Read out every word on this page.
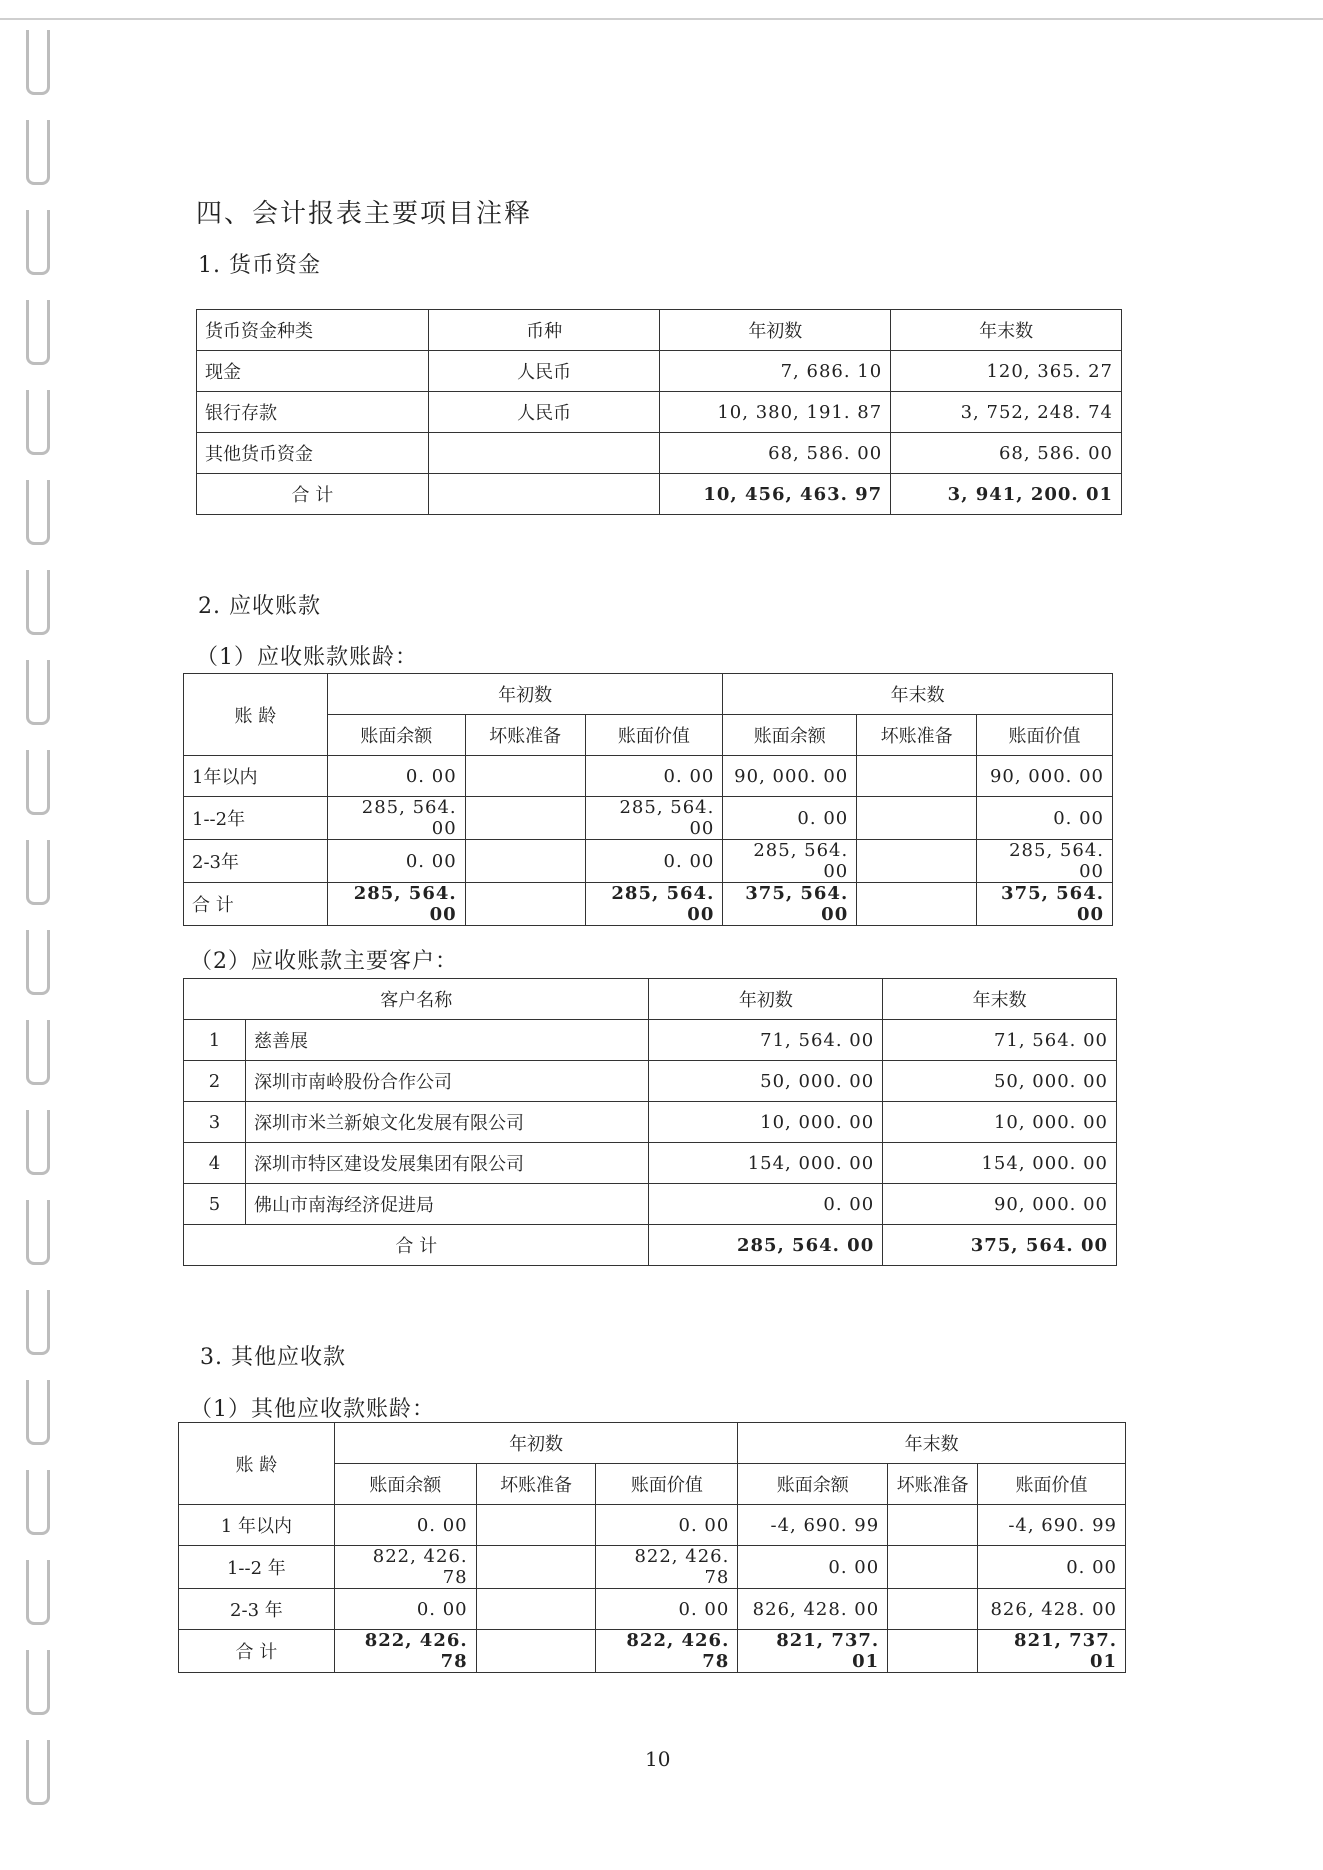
四、会计报表主要项目注释
1. 货币资金
货币资金种类	币种	年初数	年末数
现金	人民币	7, 686. 10	120, 365. 27
银行存款	人民币	10, 380, 191. 87	3, 752, 248. 74
其他货币资金		68, 586. 00	68, 586. 00
合 计		10, 456, 463. 97	3, 941, 200. 01
2. 应收账款
（1）应收账款账龄：
账 龄	年初数			年末数		
	账面余额	坏账准备	账面价值	账面余额	坏账准备	账面价值
1年以内	0. 00		0. 00	90, 000. 00		90, 000. 00
1--2年	285, 564. 00		285, 564. 00	0. 00		0. 00
2-3年	0. 00		0. 00	285, 564. 00		285, 564. 00
合 计	285, 564. 00		285, 564. 00	375, 564. 00		375, 564. 00
（2）应收账款主要客户：
客户名称		年初数	年末数
1	慈善展	71, 564. 00	71, 564. 00
2	深圳市南岭股份合作公司	50, 000. 00	50, 000. 00
3	深圳市米兰新娘文化发展有限公司	10, 000. 00	10, 000. 00
4	深圳市特区建设发展集团有限公司	154, 000. 00	154, 000. 00
5	佛山市南海经济促进局	0. 00	90, 000. 00
合 计		285, 564. 00	375, 564. 00
3. 其他应收款
（1）其他应收款账龄：
账 龄	年初数			年末数		
	账面余额	坏账准备	账面价值	账面余额	坏账准备	账面价值
1 年以内	0. 00		0. 00	-4, 690. 99		-4, 690. 99
1--2 年	822, 426. 78		822, 426. 78	0. 00		0. 00
2-3 年	0. 00		0. 00	826, 428. 00		826, 428. 00
合 计	822, 426. 78		822, 426. 78	821, 737. 01		821, 737. 01
10
